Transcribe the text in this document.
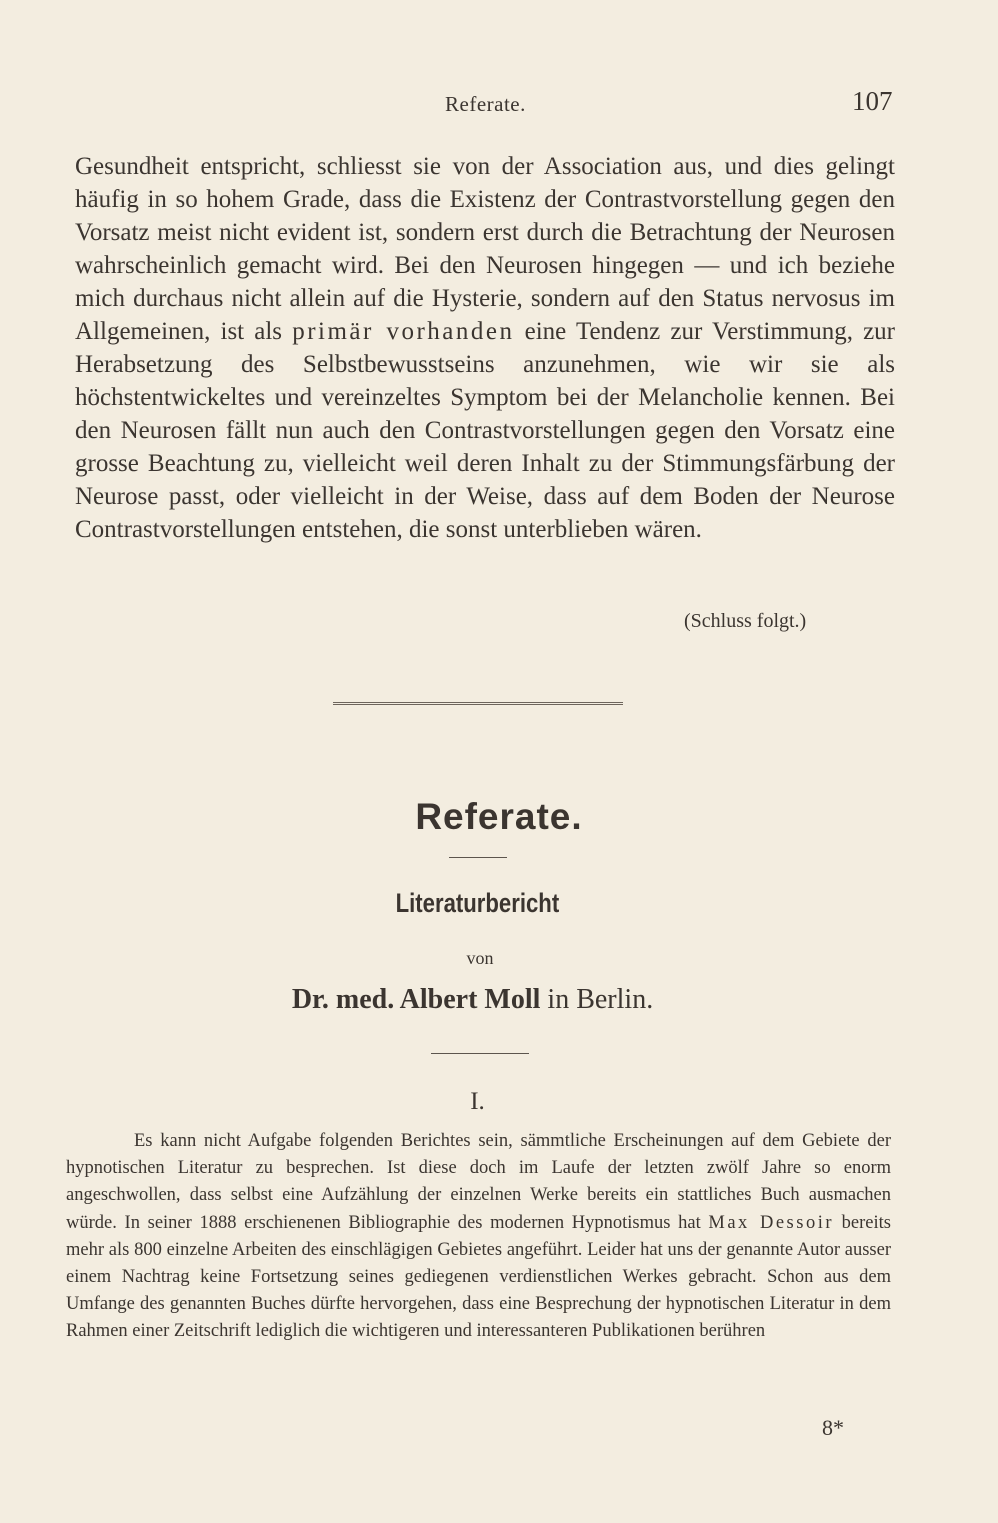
Referate.	107

Gesundheit entspricht, schliesst sie von der Association aus, und dies gelingt häufig in so hohem Grade, dass die Existenz der Contrastvorstellung gegen den Vorsatz meist nicht evident ist, sondern erst durch die Betrachtung der Neurosen wahrscheinlich gemacht wird. Bei den Neurosen hingegen — und ich beziehe mich durchaus nicht allein auf die Hysterie, sondern auf den Status nervosus im Allgemeinen, ist als primär vorhanden eine Tendenz zur Verstimmung, zur Herabsetzung des Selbstbewusstseins anzunehmen, wie wir sie als höchstentwickeltes und vereinzeltes Symptom bei der Melancholie kennen. Bei den Neurosen fällt nun auch den Contrastvorstellungen gegen den Vorsatz eine grosse Beachtung zu, vielleicht weil deren Inhalt zu der Stimmungsfärbung der Neurose passt, oder vielleicht in der Weise, dass auf dem Boden der Neurose Contrastvorstellungen entstehen, die sonst unterblieben wären.

(Schluss folgt.)
Referate.
Literaturbericht
von
Dr. med. Albert Moll in Berlin.
I.

Es kann nicht Aufgabe folgenden Berichtes sein, sämmtliche Erscheinungen auf dem Gebiete der hypnotischen Literatur zu besprechen. Ist diese doch im Laufe der letzten zwölf Jahre so enorm angeschwollen, dass selbst eine Aufzählung der einzelnen Werke bereits ein stattliches Buch ausmachen würde. In seiner 1888 erschienenen Bibliographie des modernen Hypnotismus hat Max Dessoir bereits mehr als 800 einzelne Arbeiten des einschlägigen Gebietes angeführt. Leider hat uns der genannte Autor ausser einem Nachtrag keine Fortsetzung seines gediegenen verdienstlichen Werkes gebracht. Schon aus dem Umfange des genannten Buches dürfte hervorgehen, dass eine Besprechung der hypnotischen Literatur in dem Rahmen einer Zeitschrift lediglich die wichtigeren und interessanteren Publikationen berühren

8*
